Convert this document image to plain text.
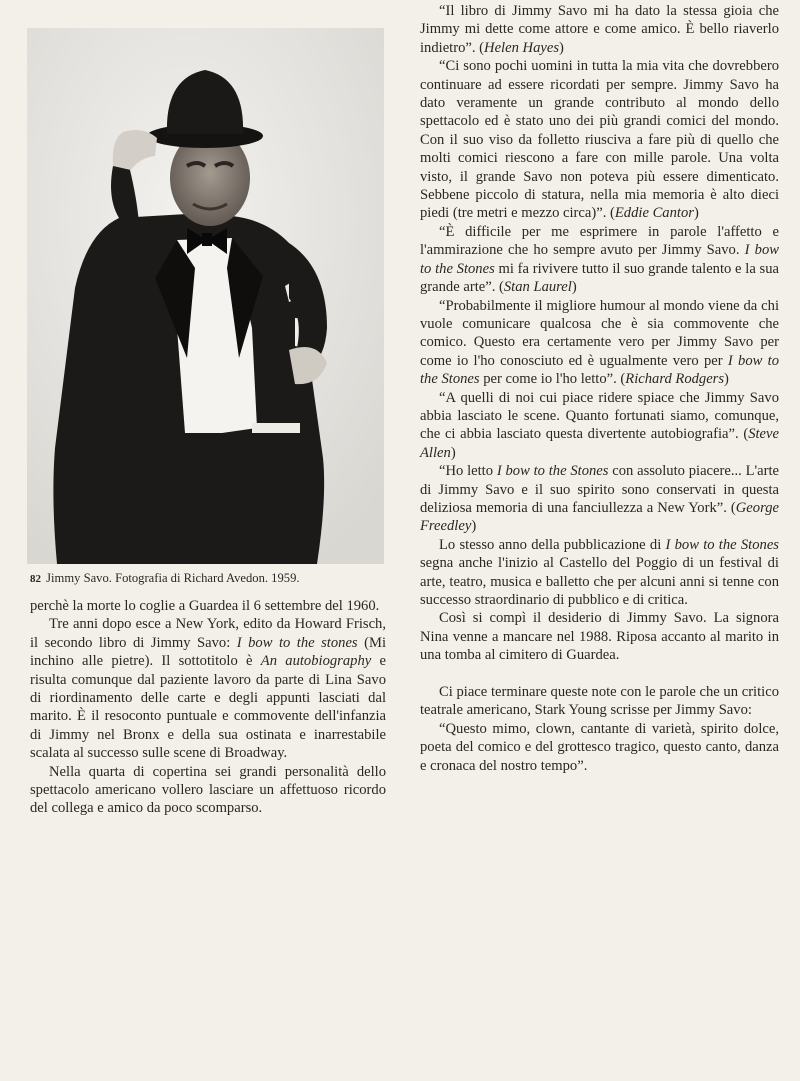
82 Jimmy Savo. Fotografia di Richard Avedon. 1959.

perchè la morte lo coglie a Guardea il 6 settembre del 1960.

Tre anni dopo esce a New York, edito da Howard Frisch, il secondo libro di Jimmy Savo: I bow to the stones (Mi inchino alle pietre). Il sottotitolo è An autobiography e risulta comunque dal paziente lavoro da parte di Lina Savo di riordinamento delle carte e degli appunti lasciati dal marito. È il resoconto puntuale e commovente dell'infanzia di Jimmy nel Bronx e della sua ostinata e inarrestabile scalata al successo sulle scene di Broadway.

Nella quarta di copertina sei grandi personalità dello spettacolo americano vollero lasciare un affettuoso ricordo del collega e amico da poco scomparso.

“Il libro di Jimmy Savo mi ha dato la stessa gioia che Jimmy mi dette come attore e come amico. È bello riaverlo indietro”. (Helen Hayes)

“Ci sono pochi uomini in tutta la mia vita che dovrebbero continuare ad essere ricordati per sempre. Jimmy Savo ha dato veramente un grande contributo al mondo dello spettacolo ed è stato uno dei più grandi comici del mondo. Con il suo viso da folletto riusciva a fare più di quello che molti comici riescono a fare con mille parole. Una volta visto, il grande Savo non poteva più essere dimenticato. Sebbene piccolo di statura, nella mia memoria è alto dieci piedi (tre metri e mezzo circa)”. (Eddie Cantor)

“È difficile per me esprimere in parole l'affetto e l'ammirazione che ho sempre avuto per Jimmy Savo. I bow to the Stones mi fa rivivere tutto il suo grande talento e la sua grande arte”. (Stan Laurel)

“Probabilmente il migliore humour al mondo viene da chi vuole comunicare qualcosa che è sia commovente che comico. Questo era certamente vero per Jimmy Savo per come io l'ho conosciuto ed è ugualmente vero per I bow to the Stones per come io l'ho letto”. (Richard Rodgers)

“A quelli di noi cui piace ridere spiace che Jimmy Savo abbia lasciato le scene. Quanto fortunati siamo, comunque, che ci abbia lasciato questa divertente autobiografia”. (Steve Allen)

“Ho letto I bow to the Stones con assoluto piacere... L'arte di Jimmy Savo e il suo spirito sono conservati in questa deliziosa memoria di una fanciullezza a New York”. (George Freedley)

Lo stesso anno della pubblicazione di I bow to the Stones segna anche l'inizio al Castello del Poggio di un festival di arte, teatro, musica e balletto che per alcuni anni si tenne con successo straordinario di pubblico e di critica.

Così si compì il desiderio di Jimmy Savo. La signora Nina venne a mancare nel 1988. Riposa accanto al marito in una tomba al cimitero di Guardea.

Ci piace terminare queste note con le parole che un critico teatrale americano, Stark Young scrisse per Jimmy Savo:

“Questo mimo, clown, cantante di varietà, spirito dolce, poeta del comico e del grottesco tragico, questo canto, danza e cronaca del nostro tempo”.
